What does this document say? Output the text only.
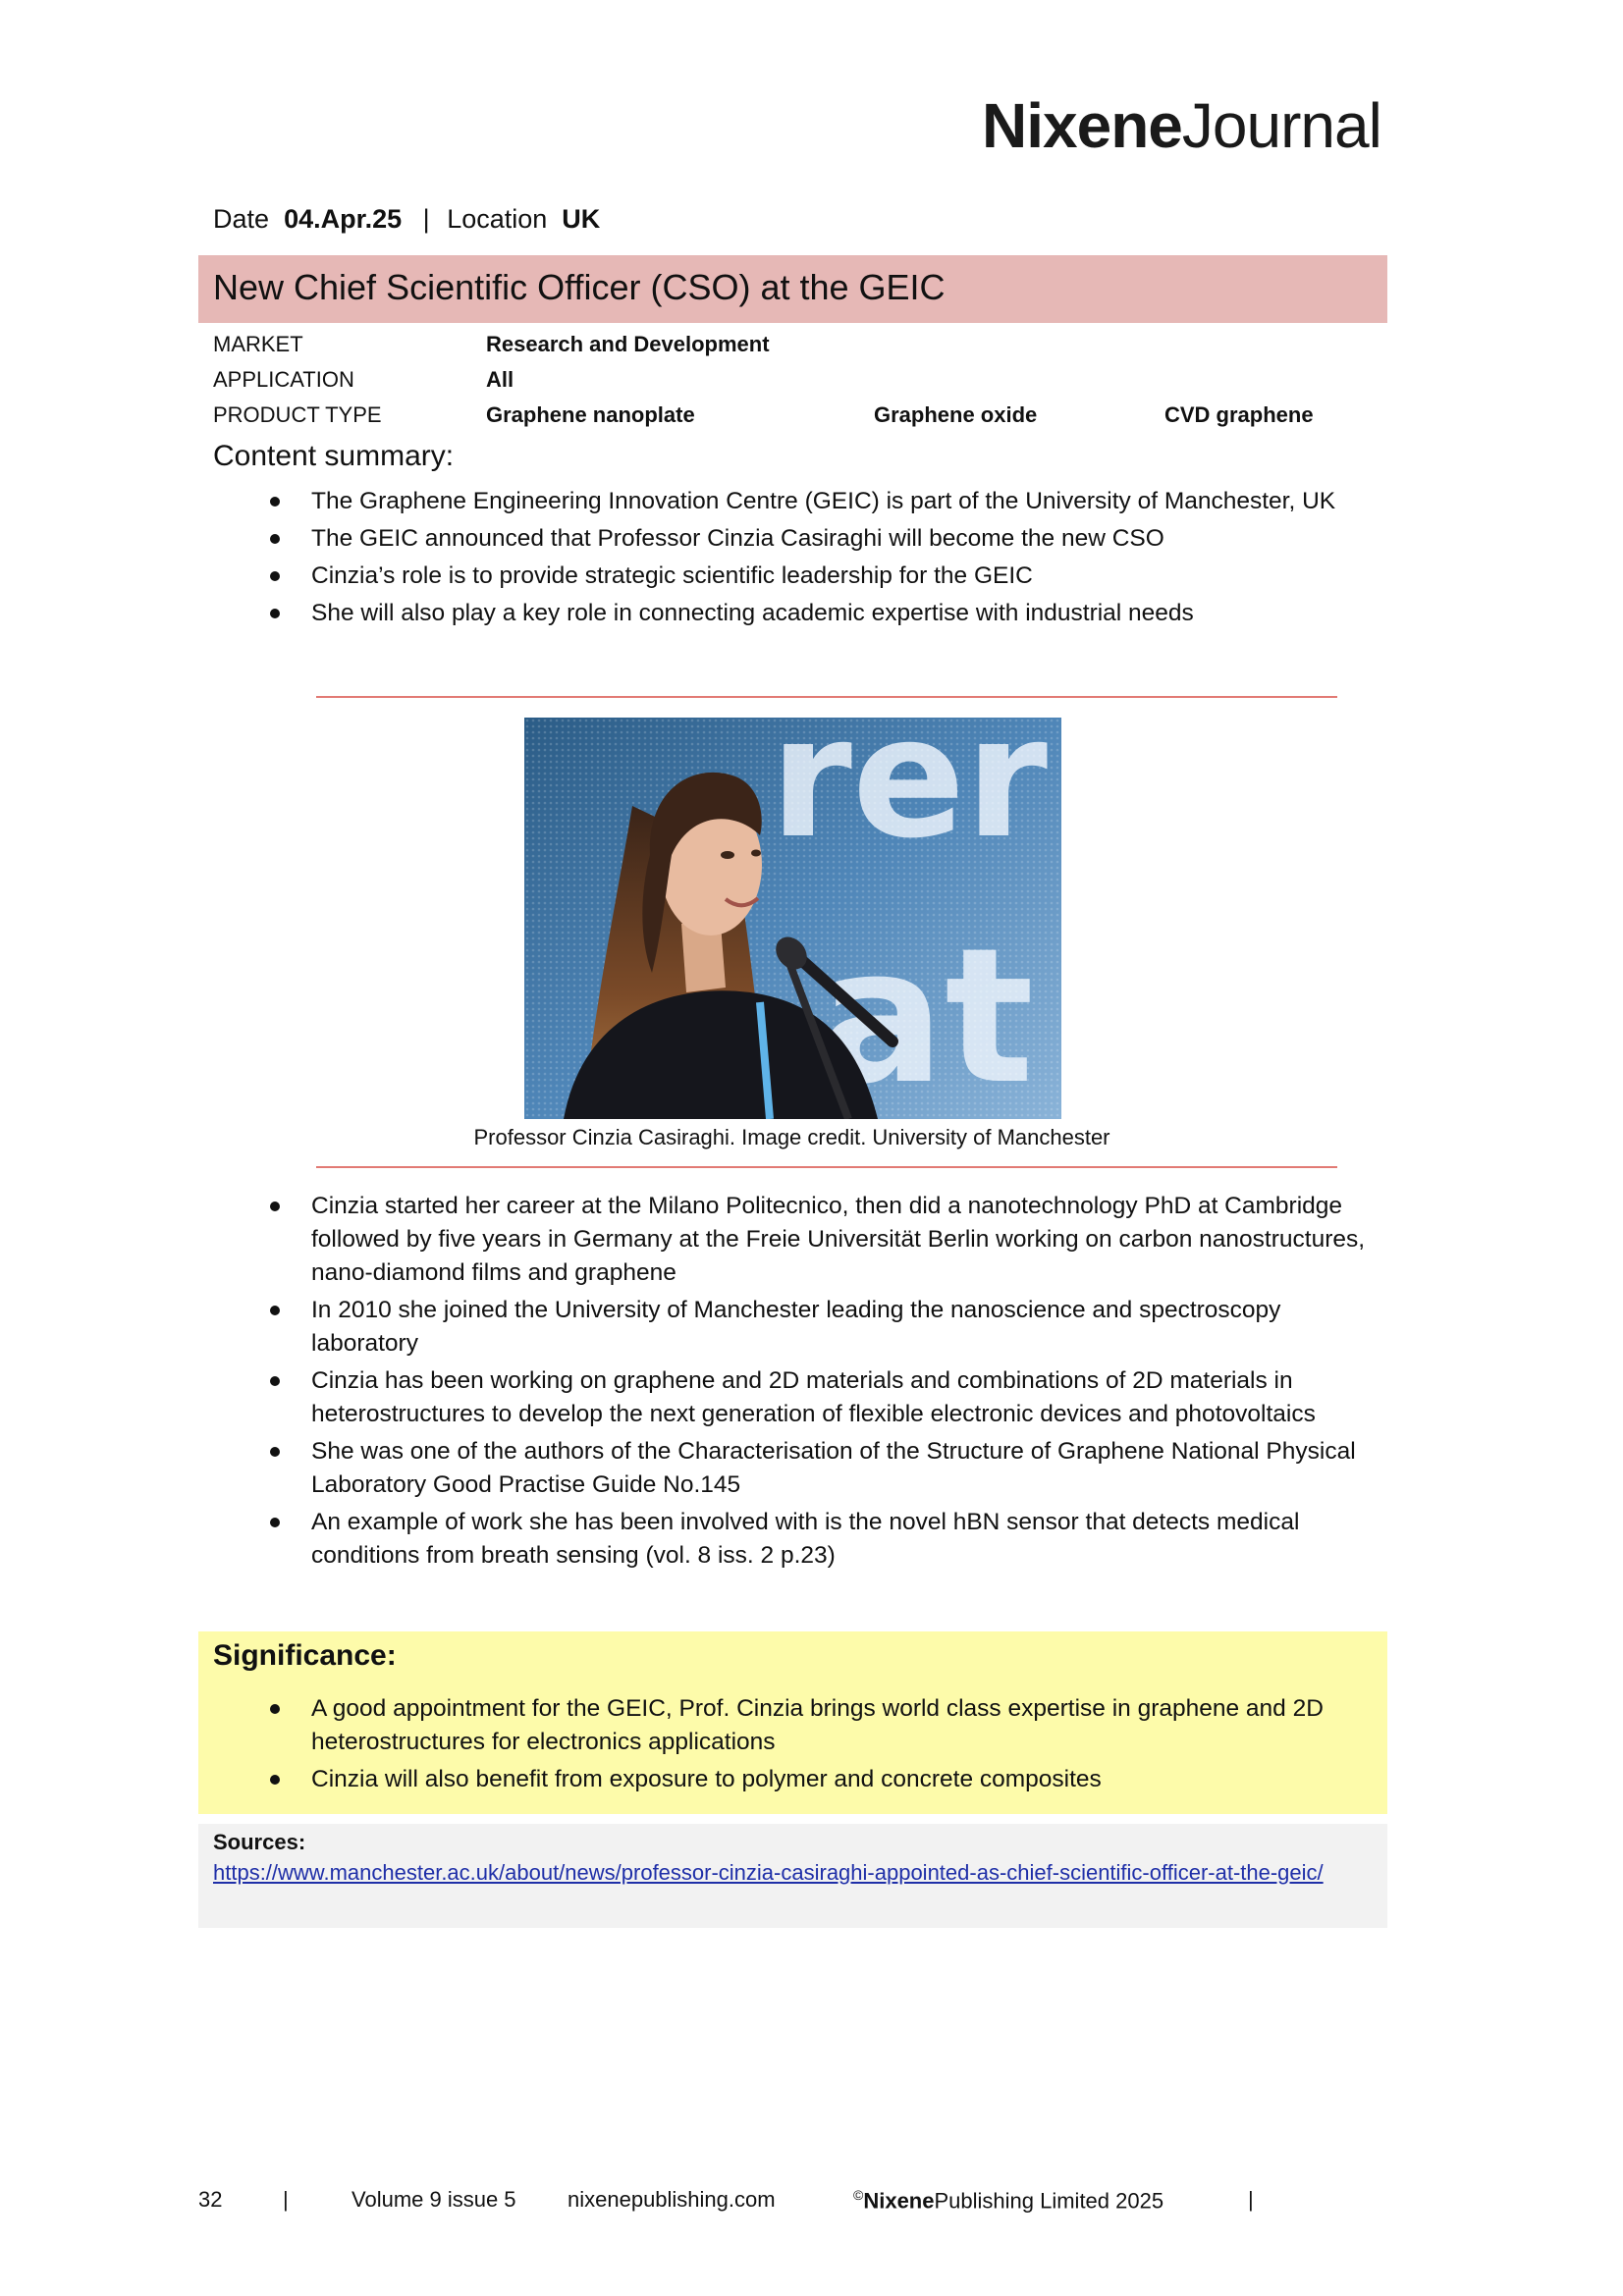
NixeneJournal
Date 04.Apr.25 | Location UK
New Chief Scientific Officer (CSO) at the GEIC
MARKET	Research and Development
APPLICATION	All
PRODUCT TYPE	Graphene nanoplate	Graphene oxide	CVD graphene
Content summary:
The Graphene Engineering Innovation Centre (GEIC) is part of the University of Manchester, UK
The GEIC announced that Professor Cinzia Casiraghi will become the new CSO
Cinzia’s role is to provide strategic scientific leadership for the GEIC
She will also play a key role in connecting academic expertise with industrial needs
Professor Cinzia Casiraghi. Image credit. University of Manchester
Cinzia started her career at the Milano Politecnico, then did a nanotechnology PhD at Cambridge followed by five years in Germany at the Freie Universität Berlin working on carbon nanostructures, nano-diamond films and graphene
In 2010 she joined the University of Manchester leading the nanoscience and spectroscopy laboratory
Cinzia has been working on graphene and 2D materials and combinations of 2D materials in heterostructures to develop the next generation of flexible electronic devices and photovoltaics
She was one of the authors of the Characterisation of the Structure of Graphene National Physical Laboratory Good Practise Guide No.145
An example of work she has been involved with is the novel hBN sensor that detects medical conditions from breath sensing (vol. 8 iss. 2 p.23)
Significance:
A good appointment for the GEIC, Prof. Cinzia brings world class expertise in graphene and 2D heterostructures for electronics applications
Cinzia will also benefit from exposure to polymer and concrete composites
Sources:
https://www.manchester.ac.uk/about/news/professor-cinzia-casiraghi-appointed-as-chief-scientific-officer-at-the-geic/
32	|	Volume 9 issue 5 nixenepublishing.com	©NixenePublishing Limited 2025	|
